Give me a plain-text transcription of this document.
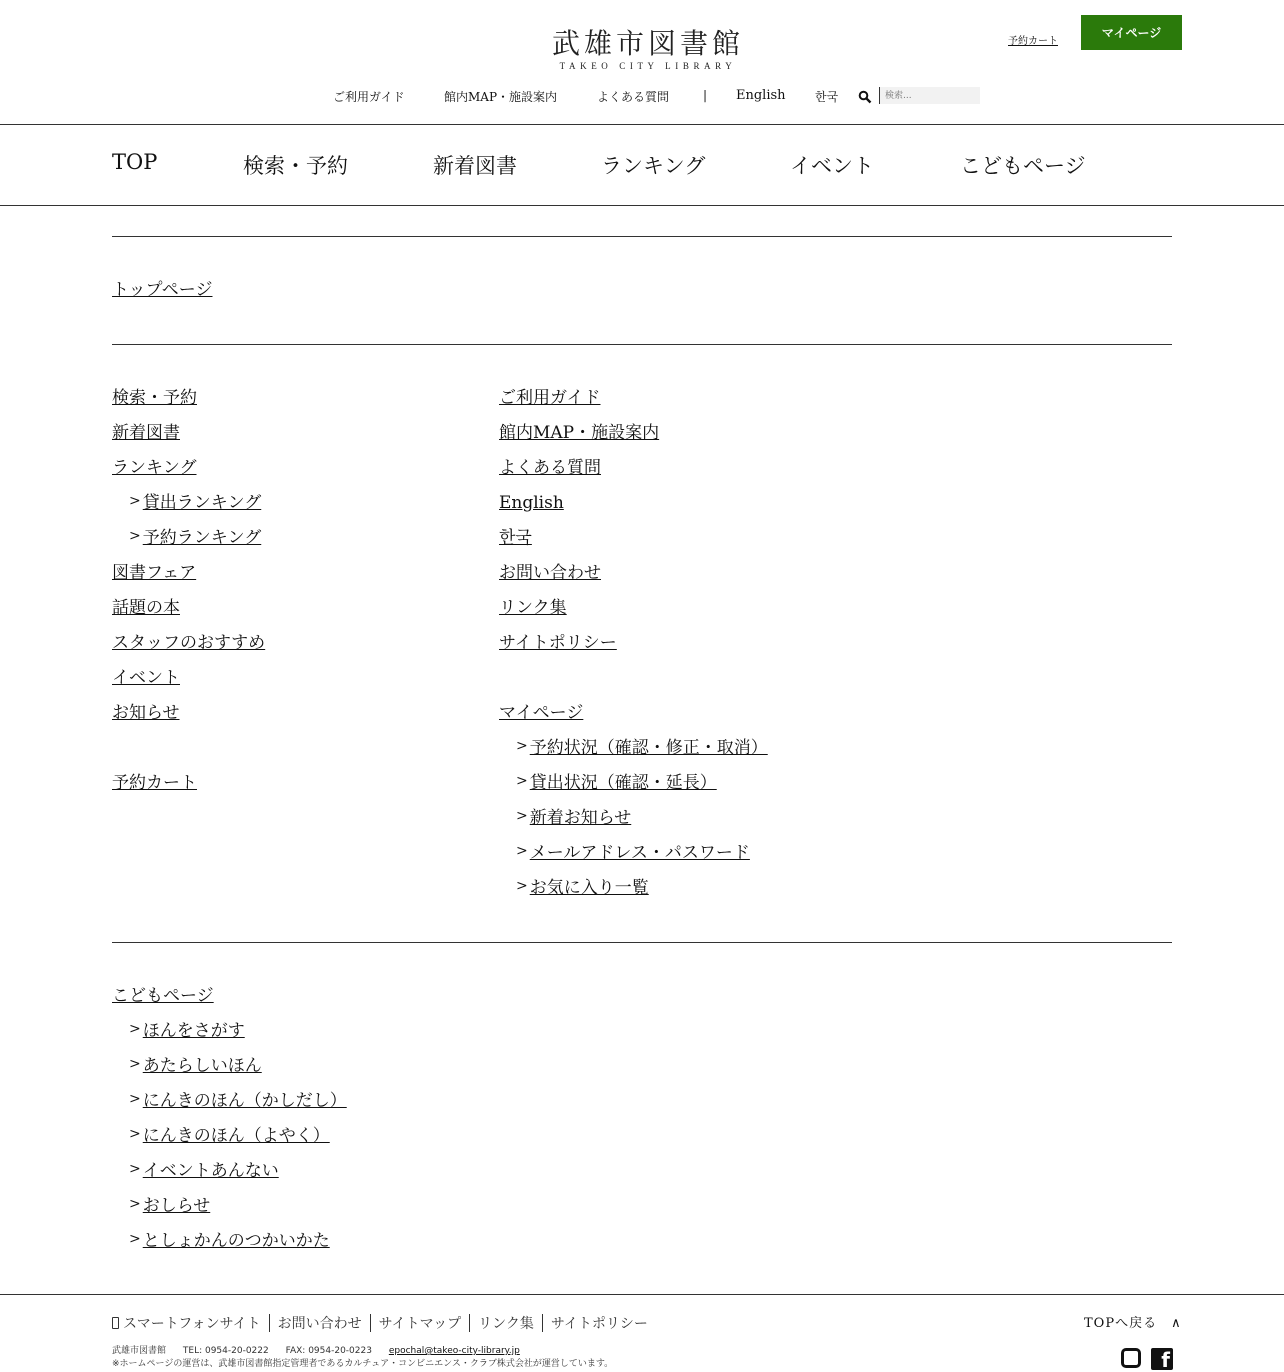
武雄市図書館
TAKEO CITY LIBRARY
予約カート
マイページ
ご利用ガイド	館内MAP・施設案内	よくある質問	| English 한국
検索...
TOP	検索・予約	新着図書	ランキング	イベント	こどもページ
トップページ
検索・予約
新着図書
ランキング
> 貸出ランキング
> 予約ランキング
図書フェア
話題の本
スタッフのおすすめ
イベント
お知らせ
予約カート
ご利用ガイド
館内MAP・施設案内
よくある質問
English
한국
お問い合わせ
リンク集
サイトポリシー
マイページ
> 予約状況（確認・修正・取消）
> 貸出状況（確認・延長）
> 新着お知らせ
> メールアドレス・パスワード
> お気に入り一覧
こどもページ
> ほんをさがす
> あたらしいほん
> にんきのほん（かしだし）
> にんきのほん（よやく）
> イベントあんない
> おしらせ
> としょかんのつかいかた
スマートフォンサイト お問い合わせ サイトマップ リンク集 サイトポリシー	TOPへ戻る　∧
武雄市図書館 TEL: 0954-20-0222 FAX: 0954-20-0223 epochal@takeo-city-library.jp
※ホームページの運営は、武雄市図書館指定管理者であるカルチュア・コンビニエンス・クラブ株式会社が運営しています。	f
